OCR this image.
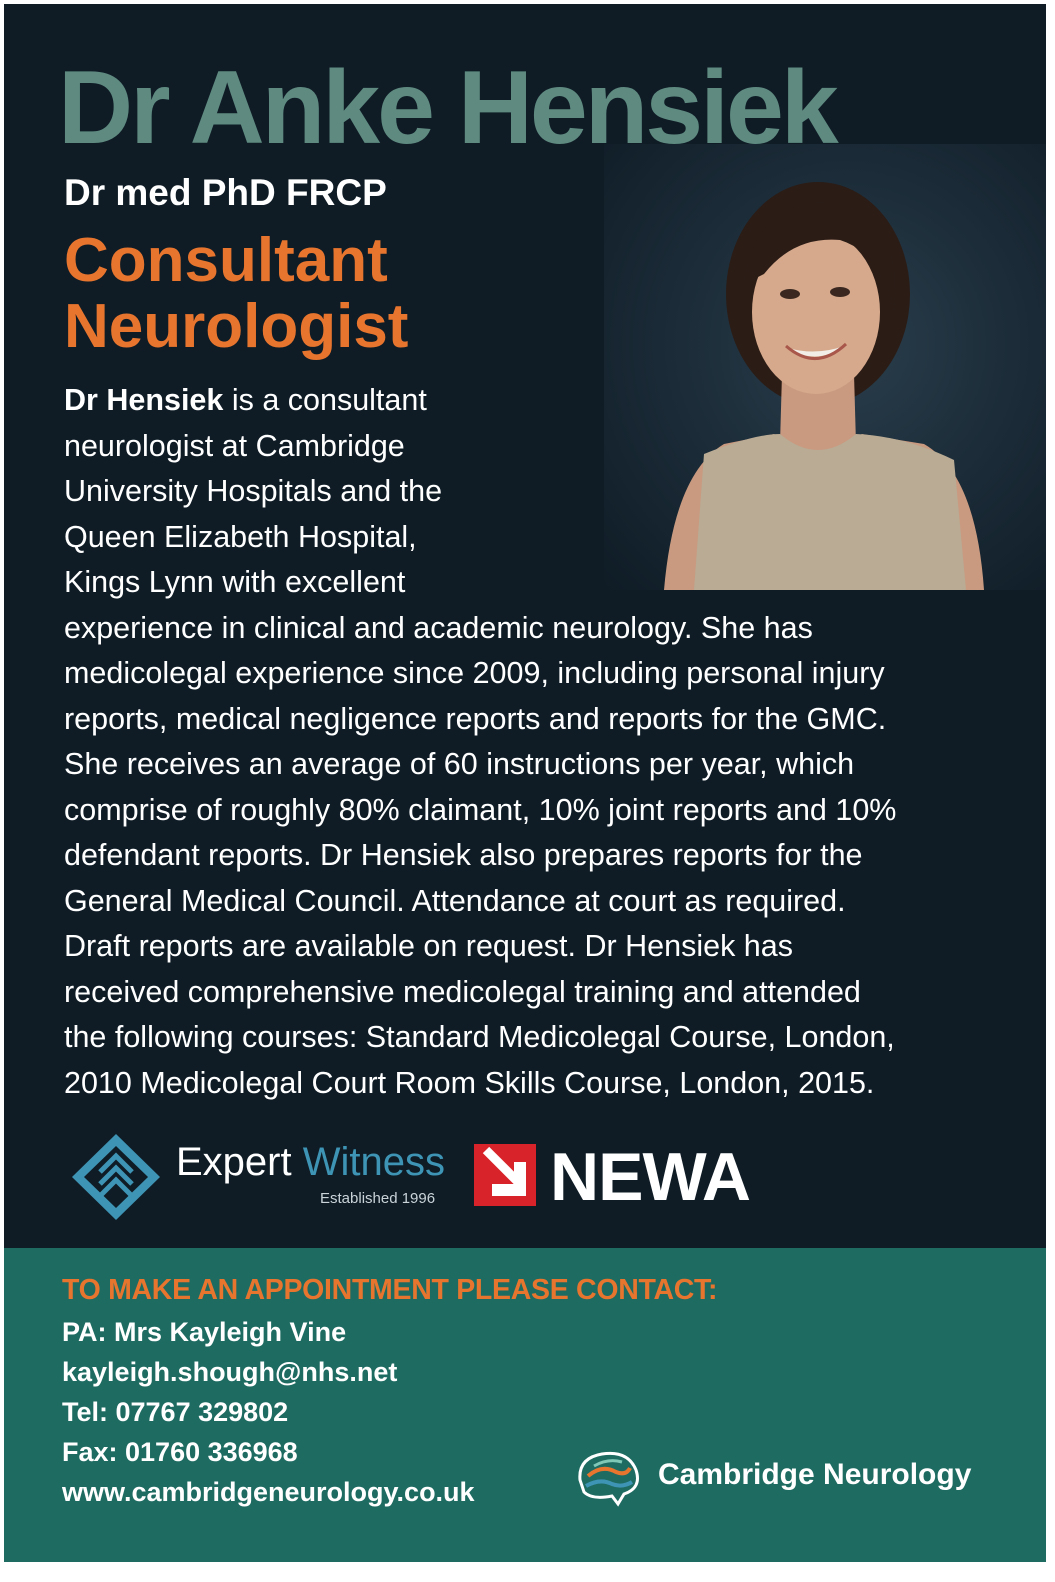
Dr Anke Hensiek
Dr med PhD FRCP
Consultant
Neurologist

Dr Hensiek is a consultant

neurologist at Cambridge

University Hospitals and the

Queen Elizabeth Hospital,

Kings Lynn with excellent

experience in clinical and academic neurology. She has

medicolegal experience since 2009, including personal injury

reports, medical negligence reports and reports for the GMC.

She receives an average of 60 instructions per year, which

comprise of roughly 80% claimant, 10% joint reports and 10%

defendant reports. Dr Hensiek also prepares reports for the

General Medical Council. Attendance at court as required.

Draft reports are available on request. Dr Hensiek has

received comprehensive medicolegal training and attended

the following courses: Standard Medicolegal Course, London,

2010 Medicolegal Court Room Skills Course, London, 2015.

Expert Witness
Established 1996 NEWA
TO MAKE AN APPOINTMENT PLEASE CONTACT:
PA: Mrs Kayleigh Vine
kayleigh.shough@nhs.net
Tel: 07767 329802
Fax: 01760 336968
www.cambridgeneurology.co.uk
Cambridge Neurology
